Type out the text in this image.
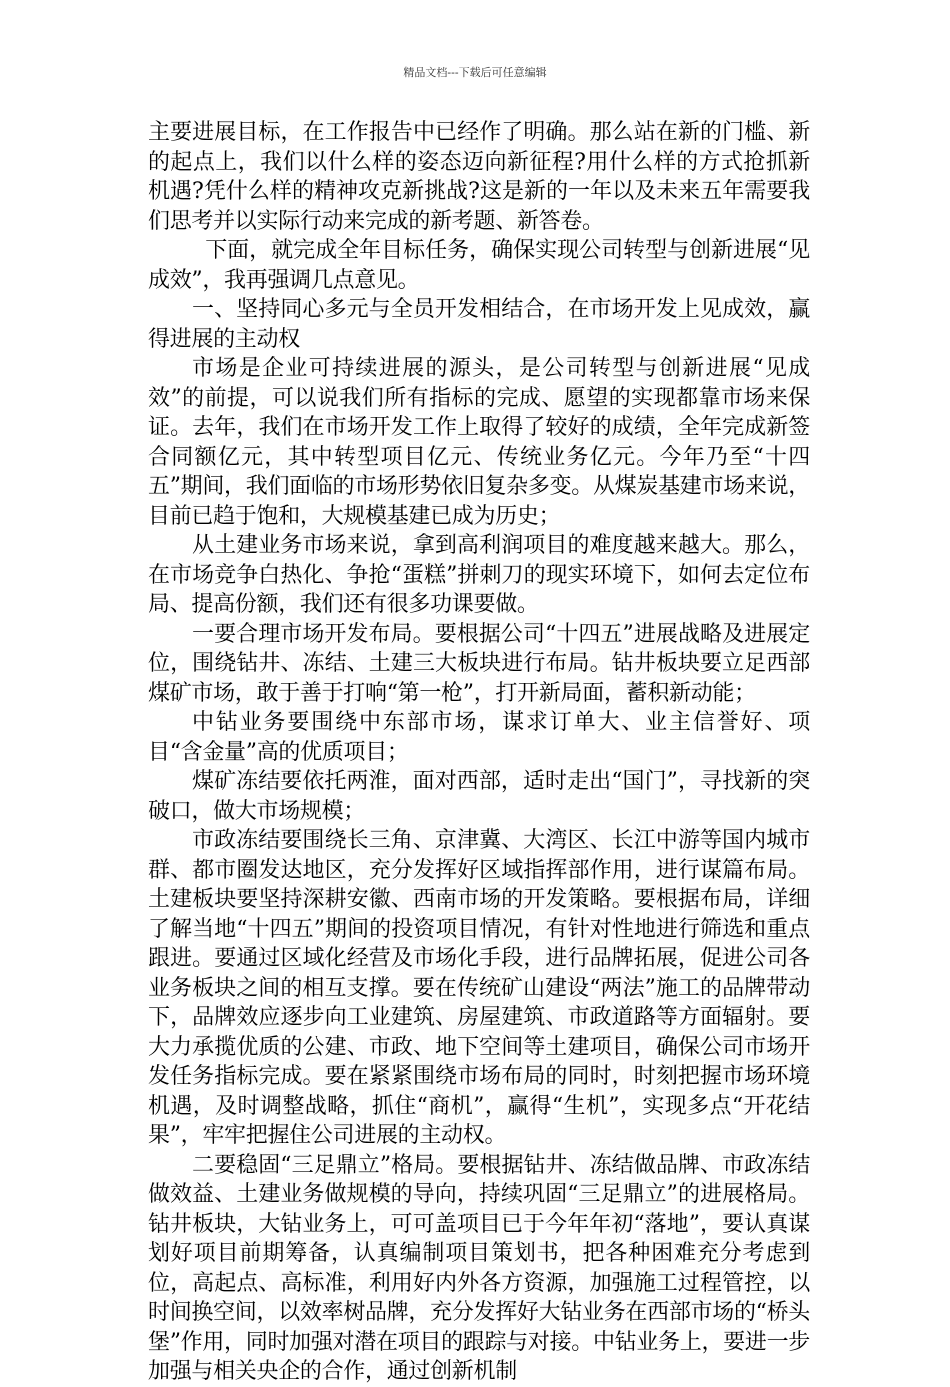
精品文档---下载后可任意编辑

主要进展目标，在工作报告中已经作了明确。那么站在新的门槛、新的起点上，我们以什么样的姿态迈向新征程?用什么样的方式抢抓新机遇?凭什么样的精神攻克新挑战?这是新的一年以及未来五年需要我们思考并以实际行动来完成的新考题、新答卷。

下面，就完成全年目标任务，确保实现公司转型与创新进展“见成效”，我再强调几点意见。

一、坚持同心多元与全员开发相结合，在市场开发上见成效，赢得进展的主动权

市场是企业可持续进展的源头，是公司转型与创新进展“见成效”的前提，可以说我们所有指标的完成、愿望的实现都靠市场来保证。去年，我们在市场开发工作上取得了较好的成绩，全年完成新签合同额亿元，其中转型项目亿元、传统业务亿元。今年乃至“十四五”期间，我们面临的市场形势依旧复杂多变。从煤炭基建市场来说，目前已趋于饱和，大规模基建已成为历史；

从土建业务市场来说，拿到高利润项目的难度越来越大。那么，在市场竞争白热化、争抢“蛋糕”拼刺刀的现实环境下，如何去定位布局、提高份额，我们还有很多功课要做。

一要合理市场开发布局。要根据公司“十四五”进展战略及进展定位，围绕钻井、冻结、土建三大板块进行布局。钻井板块要立足西部煤矿市场，敢于善于打响“第一枪”，打开新局面，蓄积新动能；

中钻业务要围绕中东部市场，谋求订单大、业主信誉好、项目“含金量”高的优质项目；

煤矿冻结要依托两淮，面对西部，适时走出“国门”，寻找新的突破口，做大市场规模；

市政冻结要围绕长三角、京津冀、大湾区、长江中游等国内城市群、都市圈发达地区，充分发挥好区域指挥部作用，进行谋篇布局。土建板块要坚持深耕安徽、西南市场的开发策略。要根据布局，详细了解当地“十四五”期间的投资项目情况，有针对性地进行筛选和重点跟进。要通过区域化经营及市场化手段，进行品牌拓展，促进公司各业务板块之间的相互支撑。要在传统矿山建设“两法”施工的品牌带动下，品牌效应逐步向工业建筑、房屋建筑、市政道路等方面辐射。要大力承揽优质的公建、市政、地下空间等土建项目，确保公司市场开发任务指标完成。要在紧紧围绕市场布局的同时，时刻把握市场环境机遇，及时调整战略，抓住“商机”，赢得“生机”，实现多点“开花结果”，牢牢把握住公司进展的主动权。

二要稳固“三足鼎立”格局。要根据钻井、冻结做品牌、市政冻结做效益、土建业务做规模的导向，持续巩固“三足鼎立”的进展格局。钻井板块，大钻业务上，可可盖项目已于今年年初“落地”，要认真谋划好项目前期筹备，认真编制项目策划书，把各种困难充分考虑到位，高起点、高标准，利用好内外各方资源，加强施工过程管控，以时间换空间，以效率树品牌，充分发挥好大钻业务在西部市场的“桥头堡”作用，同时加强对潜在项目的跟踪与对接。中钻业务上，要进一步加强与相关央企的合作，通过创新机制
